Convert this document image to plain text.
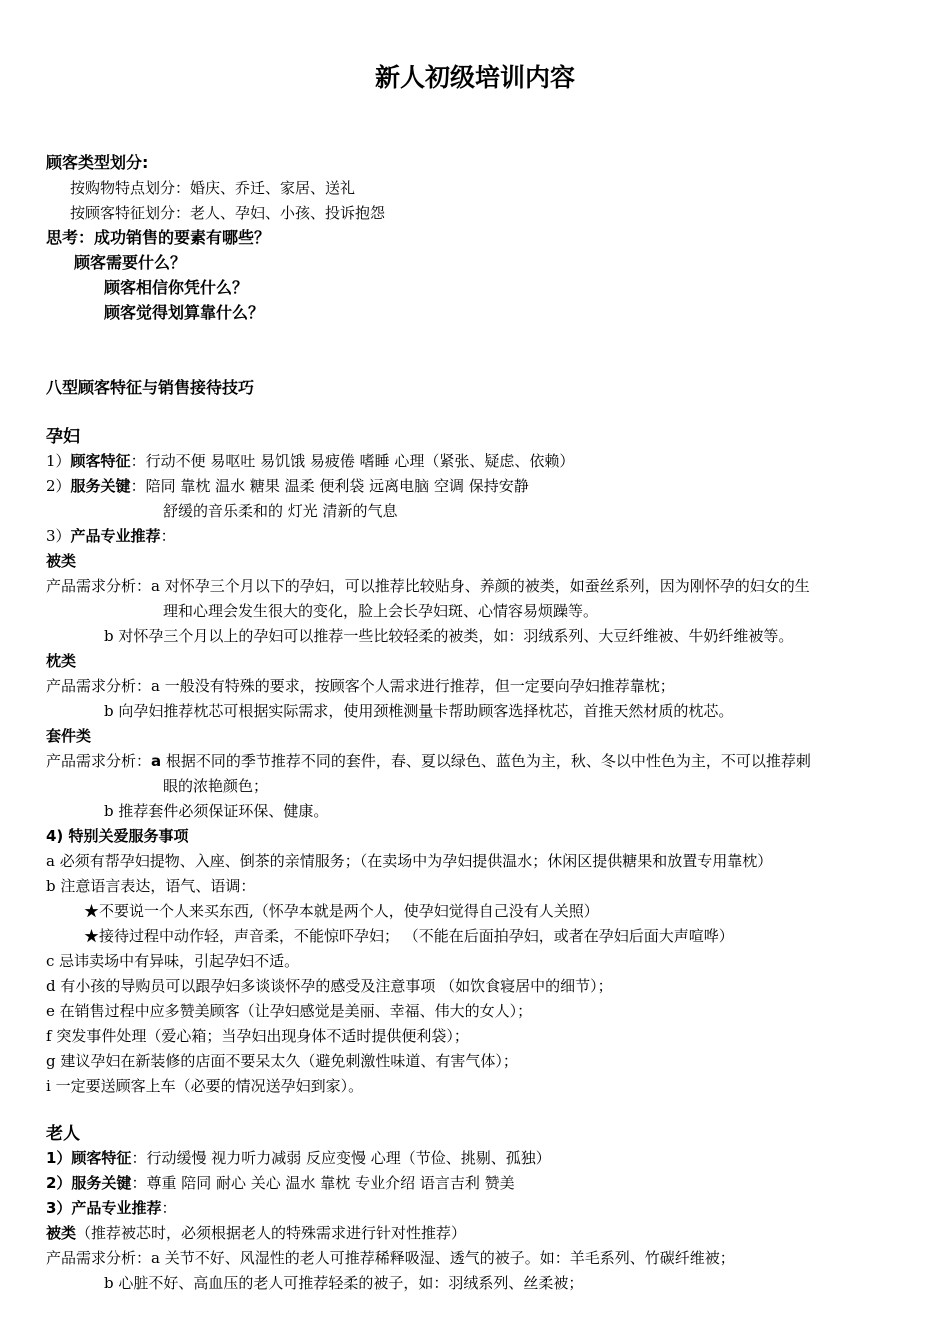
新人初级培训内容
顾客类型划分:
按购物特点划分：婚庆、乔迁、家居、送礼
按顾客特征划分：老人、孕妇、小孩、投诉抱怨
思考：成功销售的要素有哪些？
顾客需要什么？
顾客相信你凭什么？
顾客觉得划算靠什么？
八型顾客特征与销售接待技巧
孕妇
1）顾客特征：行动不便 易呕吐 易饥饿 易疲倦 嗜睡 心理（紧张、疑虑、依赖）
2）服务关键：陪同 靠枕 温水 糖果 温柔 便利袋 远离电脑 空调 保持安静
舒缓的音乐柔和的 灯光 清新的气息
3）产品专业推荐：
被类
产品需求分析：a 对怀孕三个月以下的孕妇，可以推荐比较贴身、养颜的被类，如蚕丝系列，因为刚怀孕的妇女的生
理和心理会发生很大的变化，脸上会长孕妇斑、心情容易烦躁等。
b 对怀孕三个月以上的孕妇可以推荐一些比较轻柔的被类，如：羽绒系列、大豆纤维被、牛奶纤维被等。
枕类
产品需求分析：a 一般没有特殊的要求，按顾客个人需求进行推荐，但一定要向孕妇推荐靠枕；
b 向孕妇推荐枕芯可根据实际需求，使用颈椎测量卡帮助顾客选择枕芯，首推天然材质的枕芯。
套件类
产品需求分析：a 根据不同的季节推荐不同的套件，春、夏以绿色、蓝色为主，秋、冬以中性色为主，不可以推荐刺
眼的浓艳颜色；
b 推荐套件必须保证环保、健康。
4) 特别关爱服务事项
a 必须有帮孕妇提物、入座、倒茶的亲情服务；（在卖场中为孕妇提供温水；休闲区提供糖果和放置专用靠枕）
b 注意语言表达，语气、语调：
★不要说一个人来买东西,（怀孕本就是两个人，使孕妇觉得自己没有人关照）
★接待过程中动作轻，声音柔，不能惊吓孕妇； （不能在后面拍孕妇，或者在孕妇后面大声喧哗）
c 忌讳卖场中有异味，引起孕妇不适。
d 有小孩的导购员可以跟孕妇多谈谈怀孕的感受及注意事项 （如饮食寝居中的细节）；
e 在销售过程中应多赞美顾客（让孕妇感觉是美丽、幸福、伟大的女人）；
f 突发事件处理（爱心箱；当孕妇出现身体不适时提供便利袋）；
g 建议孕妇在新装修的店面不要呆太久（避免刺激性味道、有害气体）；
i 一定要送顾客上车（必要的情况送孕妇到家）。
老人
1）顾客特征：行动缓慢 视力听力减弱 反应变慢 心理（节俭、挑剔、孤独）
2）服务关键：尊重 陪同 耐心 关心 温水 靠枕 专业介绍 语言吉利 赞美
3）产品专业推荐：
被类（推荐被芯时，必须根据老人的特殊需求进行针对性推荐）
产品需求分析：a 关节不好、风湿性的老人可推荐稀释吸湿、透气的被子。如：羊毛系列、竹碳纤维被；
b 心脏不好、高血压的老人可推荐轻柔的被子，如：羽绒系列、丝柔被；
